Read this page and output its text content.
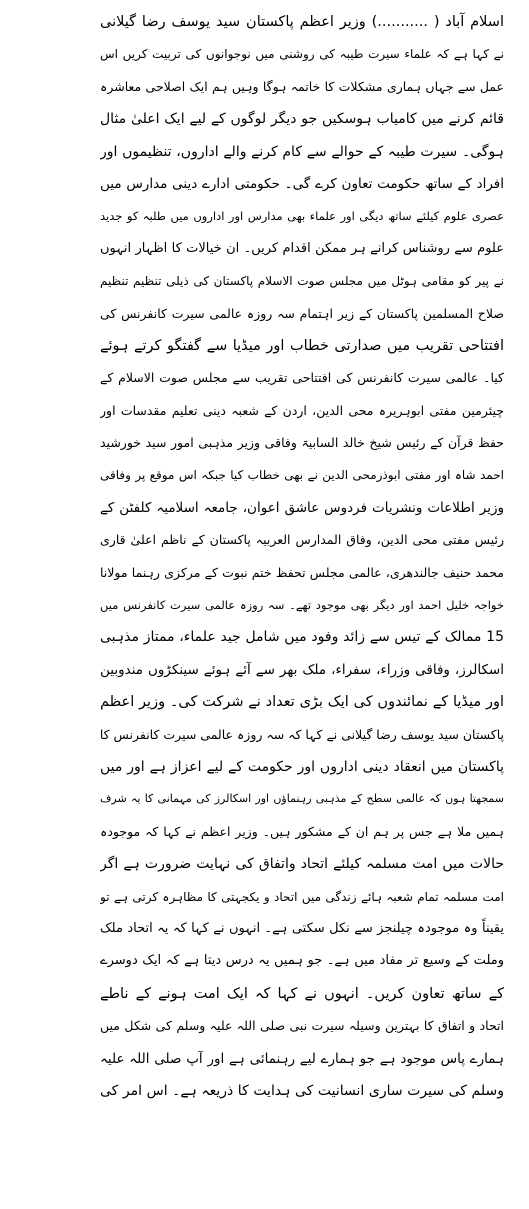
اسلام آباد ( ...........) وزیر اعظم پاکستان سید یوسف رضا گیلانی
نے کہا ہے کہ علماء سیرت طیبہ کی روشنی میں نوجوانوں کی تربیت کریں اس
عمل سے جہاں ہماری مشکلات کا خاتمہ ہوگا وہیں ہم ایک اصلاحی معاشرہ
قائم کرنے میں کامیاب ہوسکیں جو دیگر لوگوں کے لیے ایک اعلیٰ مثال
ہوگی۔ سیرت طیبہ کے حوالے سے کام کرنے والے اداروں، تنظیموں اور
افراد کے ساتھ حکومت تعاون کرے گی۔ حکومتی ادارے دینی مدارس میں
عصری علوم کیلئے ساتھ دیگی اور علماء بھی مدارس اور اداروں میں طلبہ کو جدید
علوم سے روشناس کرانے ہر ممکن اقدام کریں۔ ان خیالات کا اظہار انہوں
نے پیر کو مقامی ہوٹل میں مجلس صوت الاسلام پاکستان کی ذیلی تنظیم تنظیم
صلاح المسلمین پاکستان کے زیر اہتمام سہ روزہ عالمی سیرت کانفرنس کی
افتتاحی تقریب میں صدارتی خطاب اور میڈیا سے گفتگو کرتے ہوئے
کیا۔ عالمی سیرت کانفرنس کی افتتاحی تقریب سے مجلس صوت الاسلام کے
چیئرمین مفتی ابوہریرہ محی الدین، اردن کے شعبہ دینی تعلیم مقدسات اور
حفظ قرآن کے رئیس شیخ خالد السابیۃ وفاقی وزیر مذہبی امور سید خورشید
احمد شاہ اور مفتی ابوذرمحی الدین نے بھی خطاب کیا جبکہ اس موقع پر وفاقی
وزیر اطلاعات ونشریات فردوس عاشق اعوان، جامعہ اسلامیہ کلفٹن کے
رئیس مفتی محی الدین، وفاق المدارس العربیہ پاکستان کے ناظم اعلیٰ قاری
محمد حنیف جالندھری، عالمی مجلس تحفظ ختم نبوت کے مرکزی رہنما مولانا
خواجہ خلیل احمد اور دیگر بھی موجود تھے۔ سہ روزہ عالمی سیرت کانفرنس میں
15 ممالک کے تیس سے زائد وفود میں شامل جید علماء، ممتاز مذہبی
اسکالرز، وفاقی وزراء، سفراء، ملک بھر سے آئے ہوئے سینکڑوں مندوبین
اور میڈیا کے نمائندوں کی ایک بڑی تعداد نے شرکت کی۔ وزیر اعظم
پاکستان سید یوسف رضا گیلانی نے کہا کہ سہ روزہ عالمی سیرت کانفرنس کا
پاکستان میں انعقاد دینی اداروں اور حکومت کے لیے اعزاز ہے اور میں
سمجھتا ہوں کہ عالمی سطح کے مذہبی رہنماؤں اور اسکالرز کی مہمانی کا یہ شرف
ہمیں ملا ہے جس پر ہم ان کے مشکور ہیں۔ وزیر اعظم نے کہا کہ موجودہ
حالات میں امت مسلمہ کیلئے اتحاد واتفاق کی نہایت ضرورت ہے اگر
امت مسلمہ تمام شعبہ ہائے زندگی میں اتحاد و یکجہتی کا مظاہرہ کرتی ہے تو
یقیناً وہ موجودہ چیلنجز سے نکل سکتی ہے۔ انہوں نے کہا کہ یہ اتحاد ملک
وملت کے وسیع تر مفاد میں ہے۔ جو ہمیں یہ درس دیتا ہے کہ ایک دوسرے
کے ساتھ تعاون کریں۔ انہوں نے کہا کہ ایک امت ہونے کے ناطے
اتحاد و اتفاق کا بہترین وسیلہ سیرت نبی صلی اللہ علیہ وسلم کی شکل میں
ہمارے پاس موجود ہے جو ہمارے لیے رہنمائی ہے اور آپ صلی اللہ علیہ
وسلم کی سیرت ساری انسانیت کی ہدایت کا ذریعہ ہے۔ اس امر کی
